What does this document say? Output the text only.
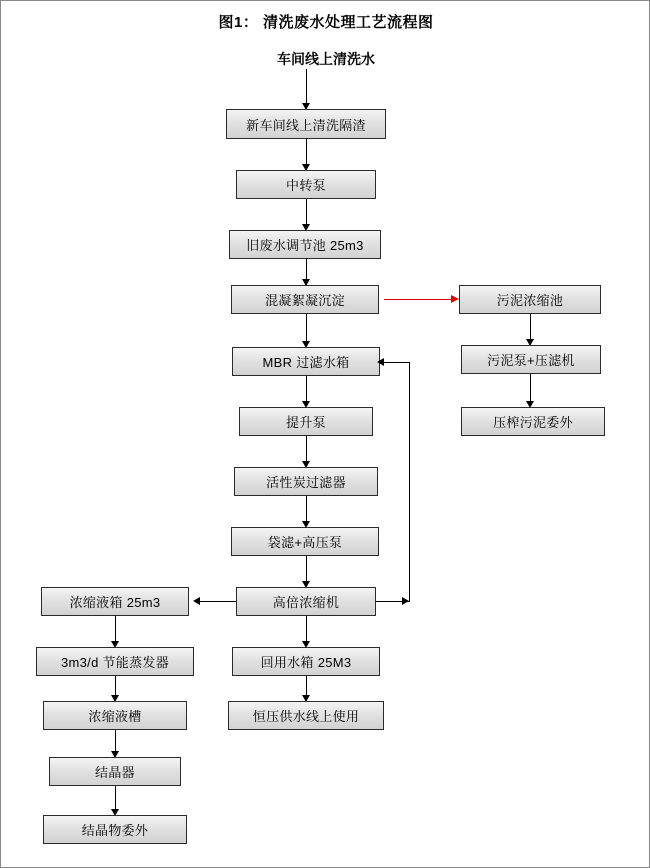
图1： 清洗废水处理工艺流程图
车间线上清洗水
新车间线上清洗隔渣
中转泵
旧废水调节池 25m3
混凝絮凝沉淀	污泥浓缩池
污泥泵+压滤机
压榨污泥委外
MBR 过滤水箱
提升泵
活性炭过滤器
袋滤+高压泵
高倍浓缩机
浓缩液箱 25m3
3m3/d 节能蒸发器
浓缩液槽
结晶器
结晶物委外
回用水箱 25M3
恒压供水线上使用
